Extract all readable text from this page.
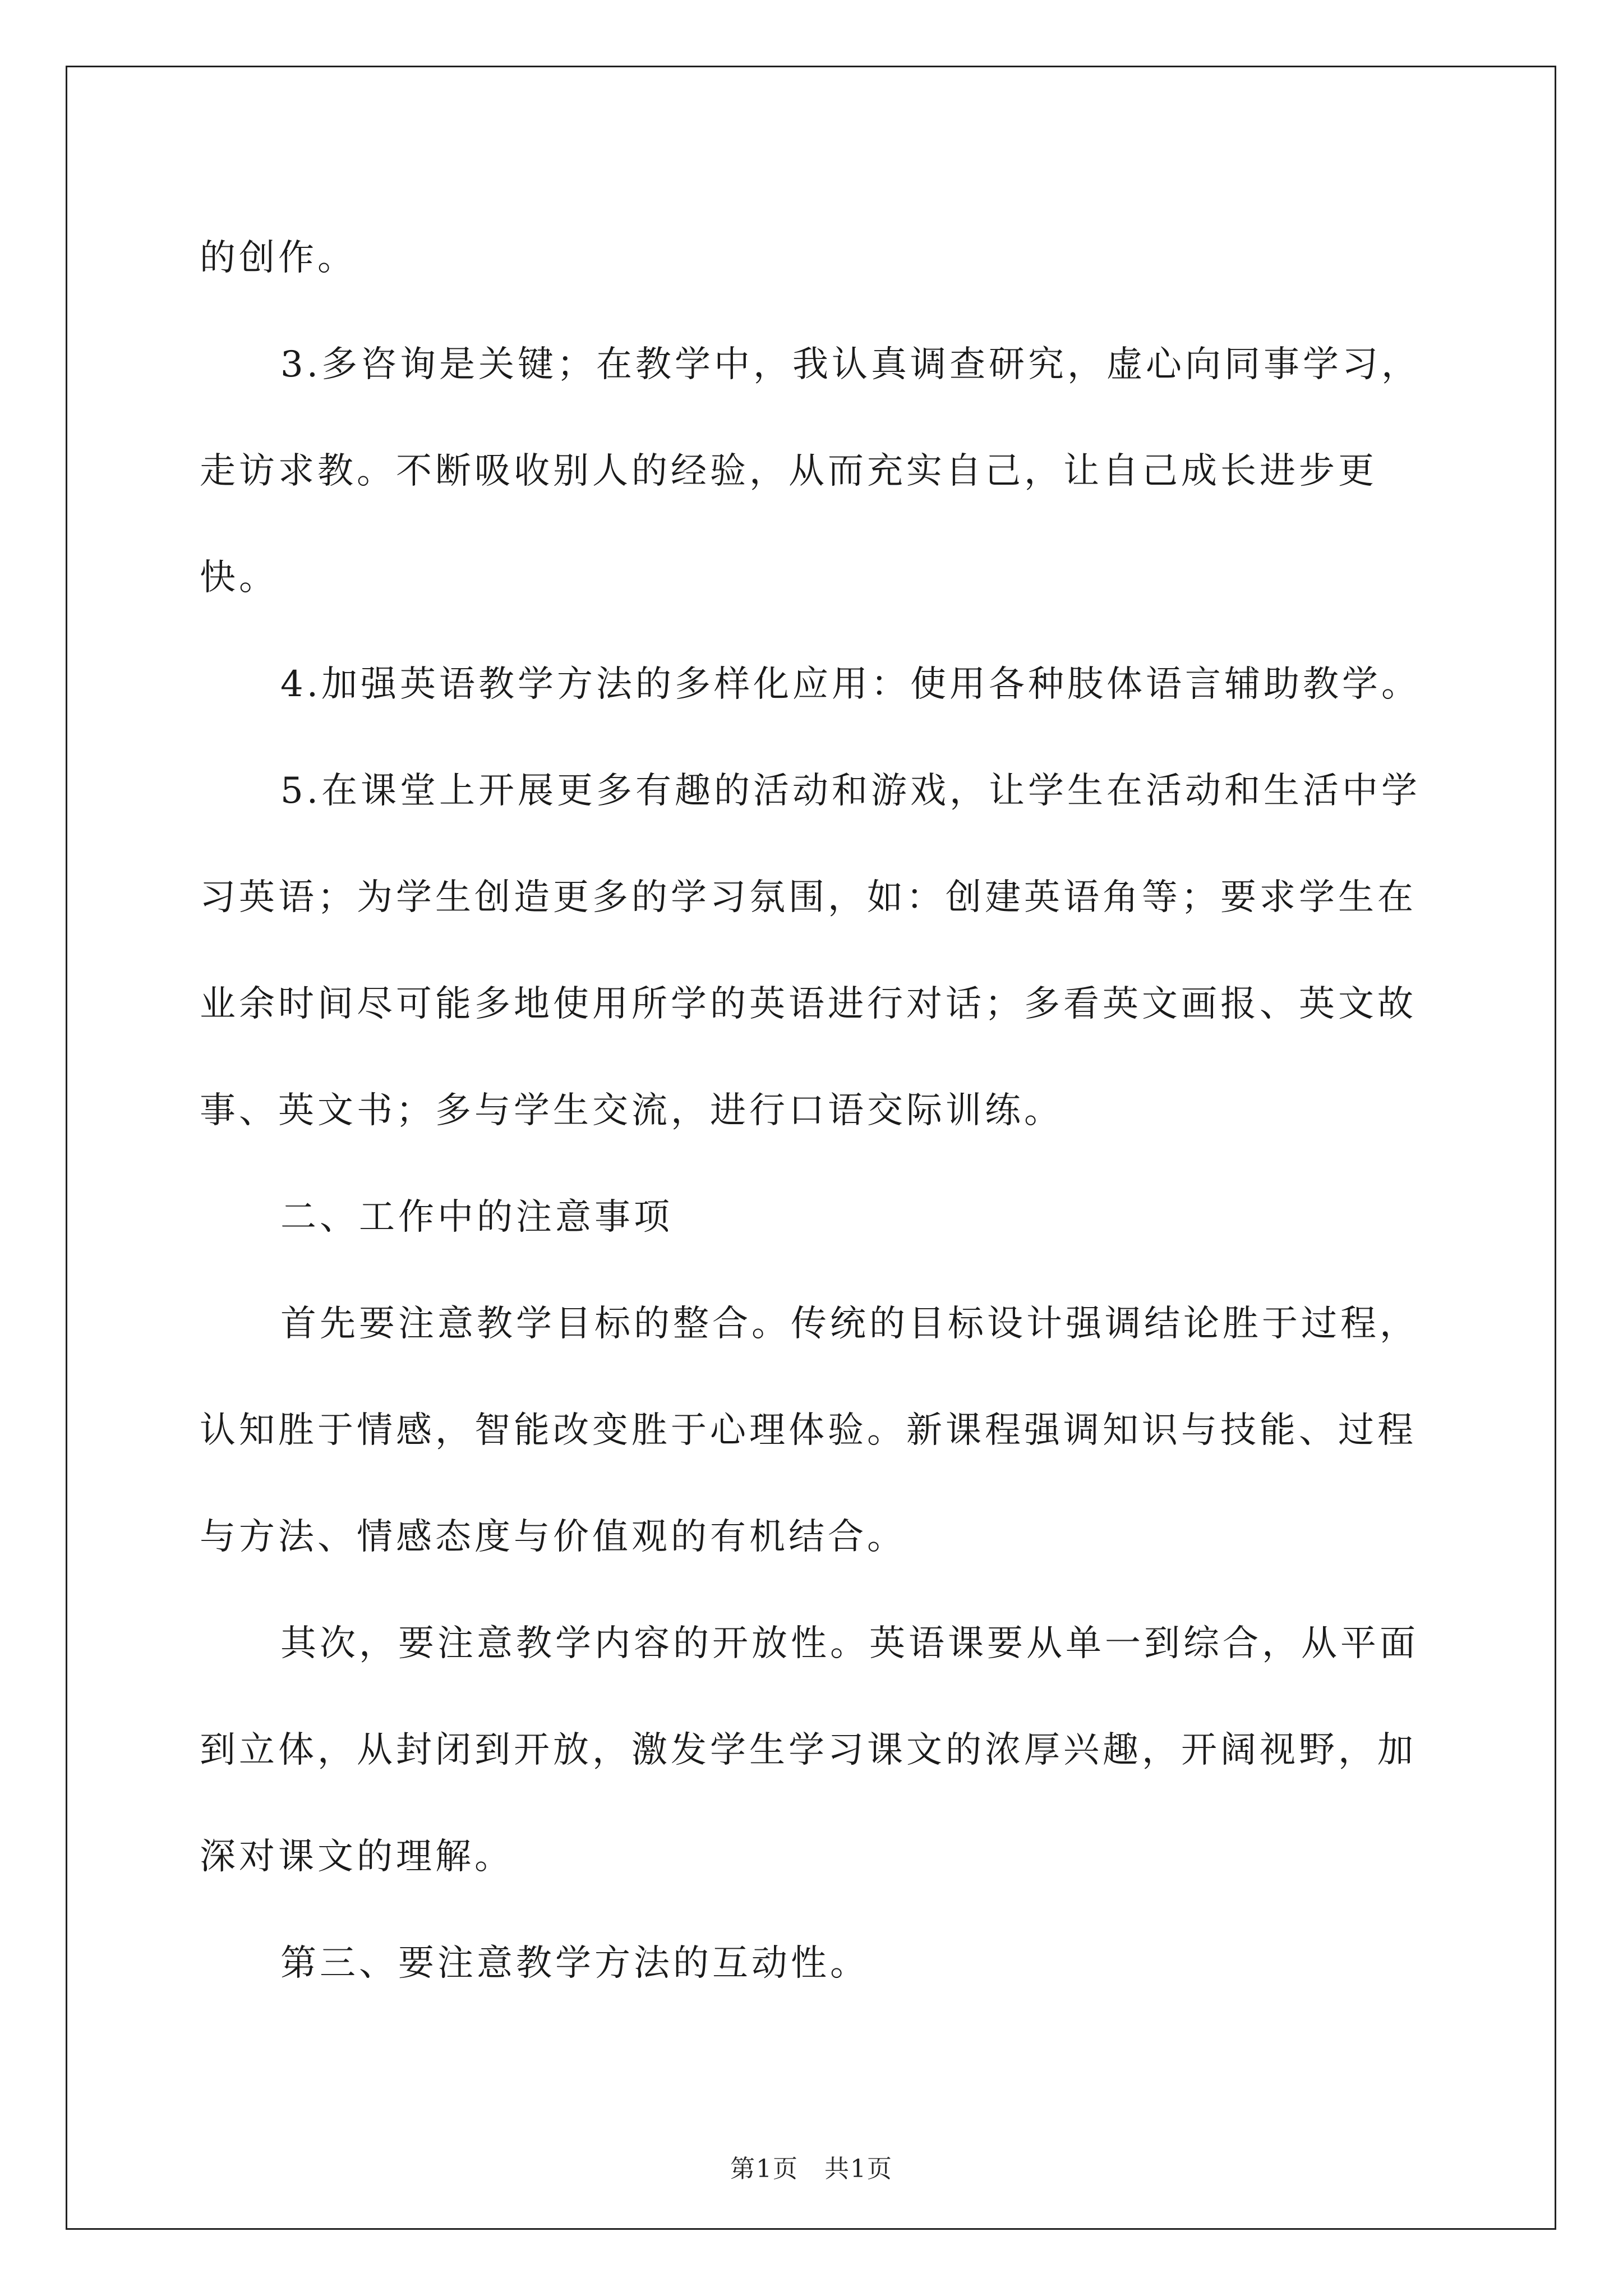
的创作。

3.多咨询是关键；在教学中，我认真调查研究，虚心向同事学习，走访求教。不断吸收别人的经验，从而充实自己，让自己成长进步更快。

4.加强英语教学方法的多样化应用：使用各种肢体语言辅助教学。

5.在课堂上开展更多有趣的活动和游戏，让学生在活动和生活中学习英语；为学生创造更多的学习氛围，如：创建英语角等；要求学生在业余时间尽可能多地使用所学的英语进行对话；多看英文画报、英文故事、英文书；多与学生交流，进行口语交际训练。

二、工作中的注意事项

首先要注意教学目标的整合。传统的目标设计强调结论胜于过程，认知胜于情感，智能改变胜于心理体验。新课程强调知识与技能、过程与方法、情感态度与价值观的有机结合。

其次，要注意教学内容的开放性。英语课要从单一到综合，从平面到立体，从封闭到开放，激发学生学习课文的浓厚兴趣，开阔视野，加深对课文的理解。

第三、要注意教学方法的互动性。

第1页　共1页
